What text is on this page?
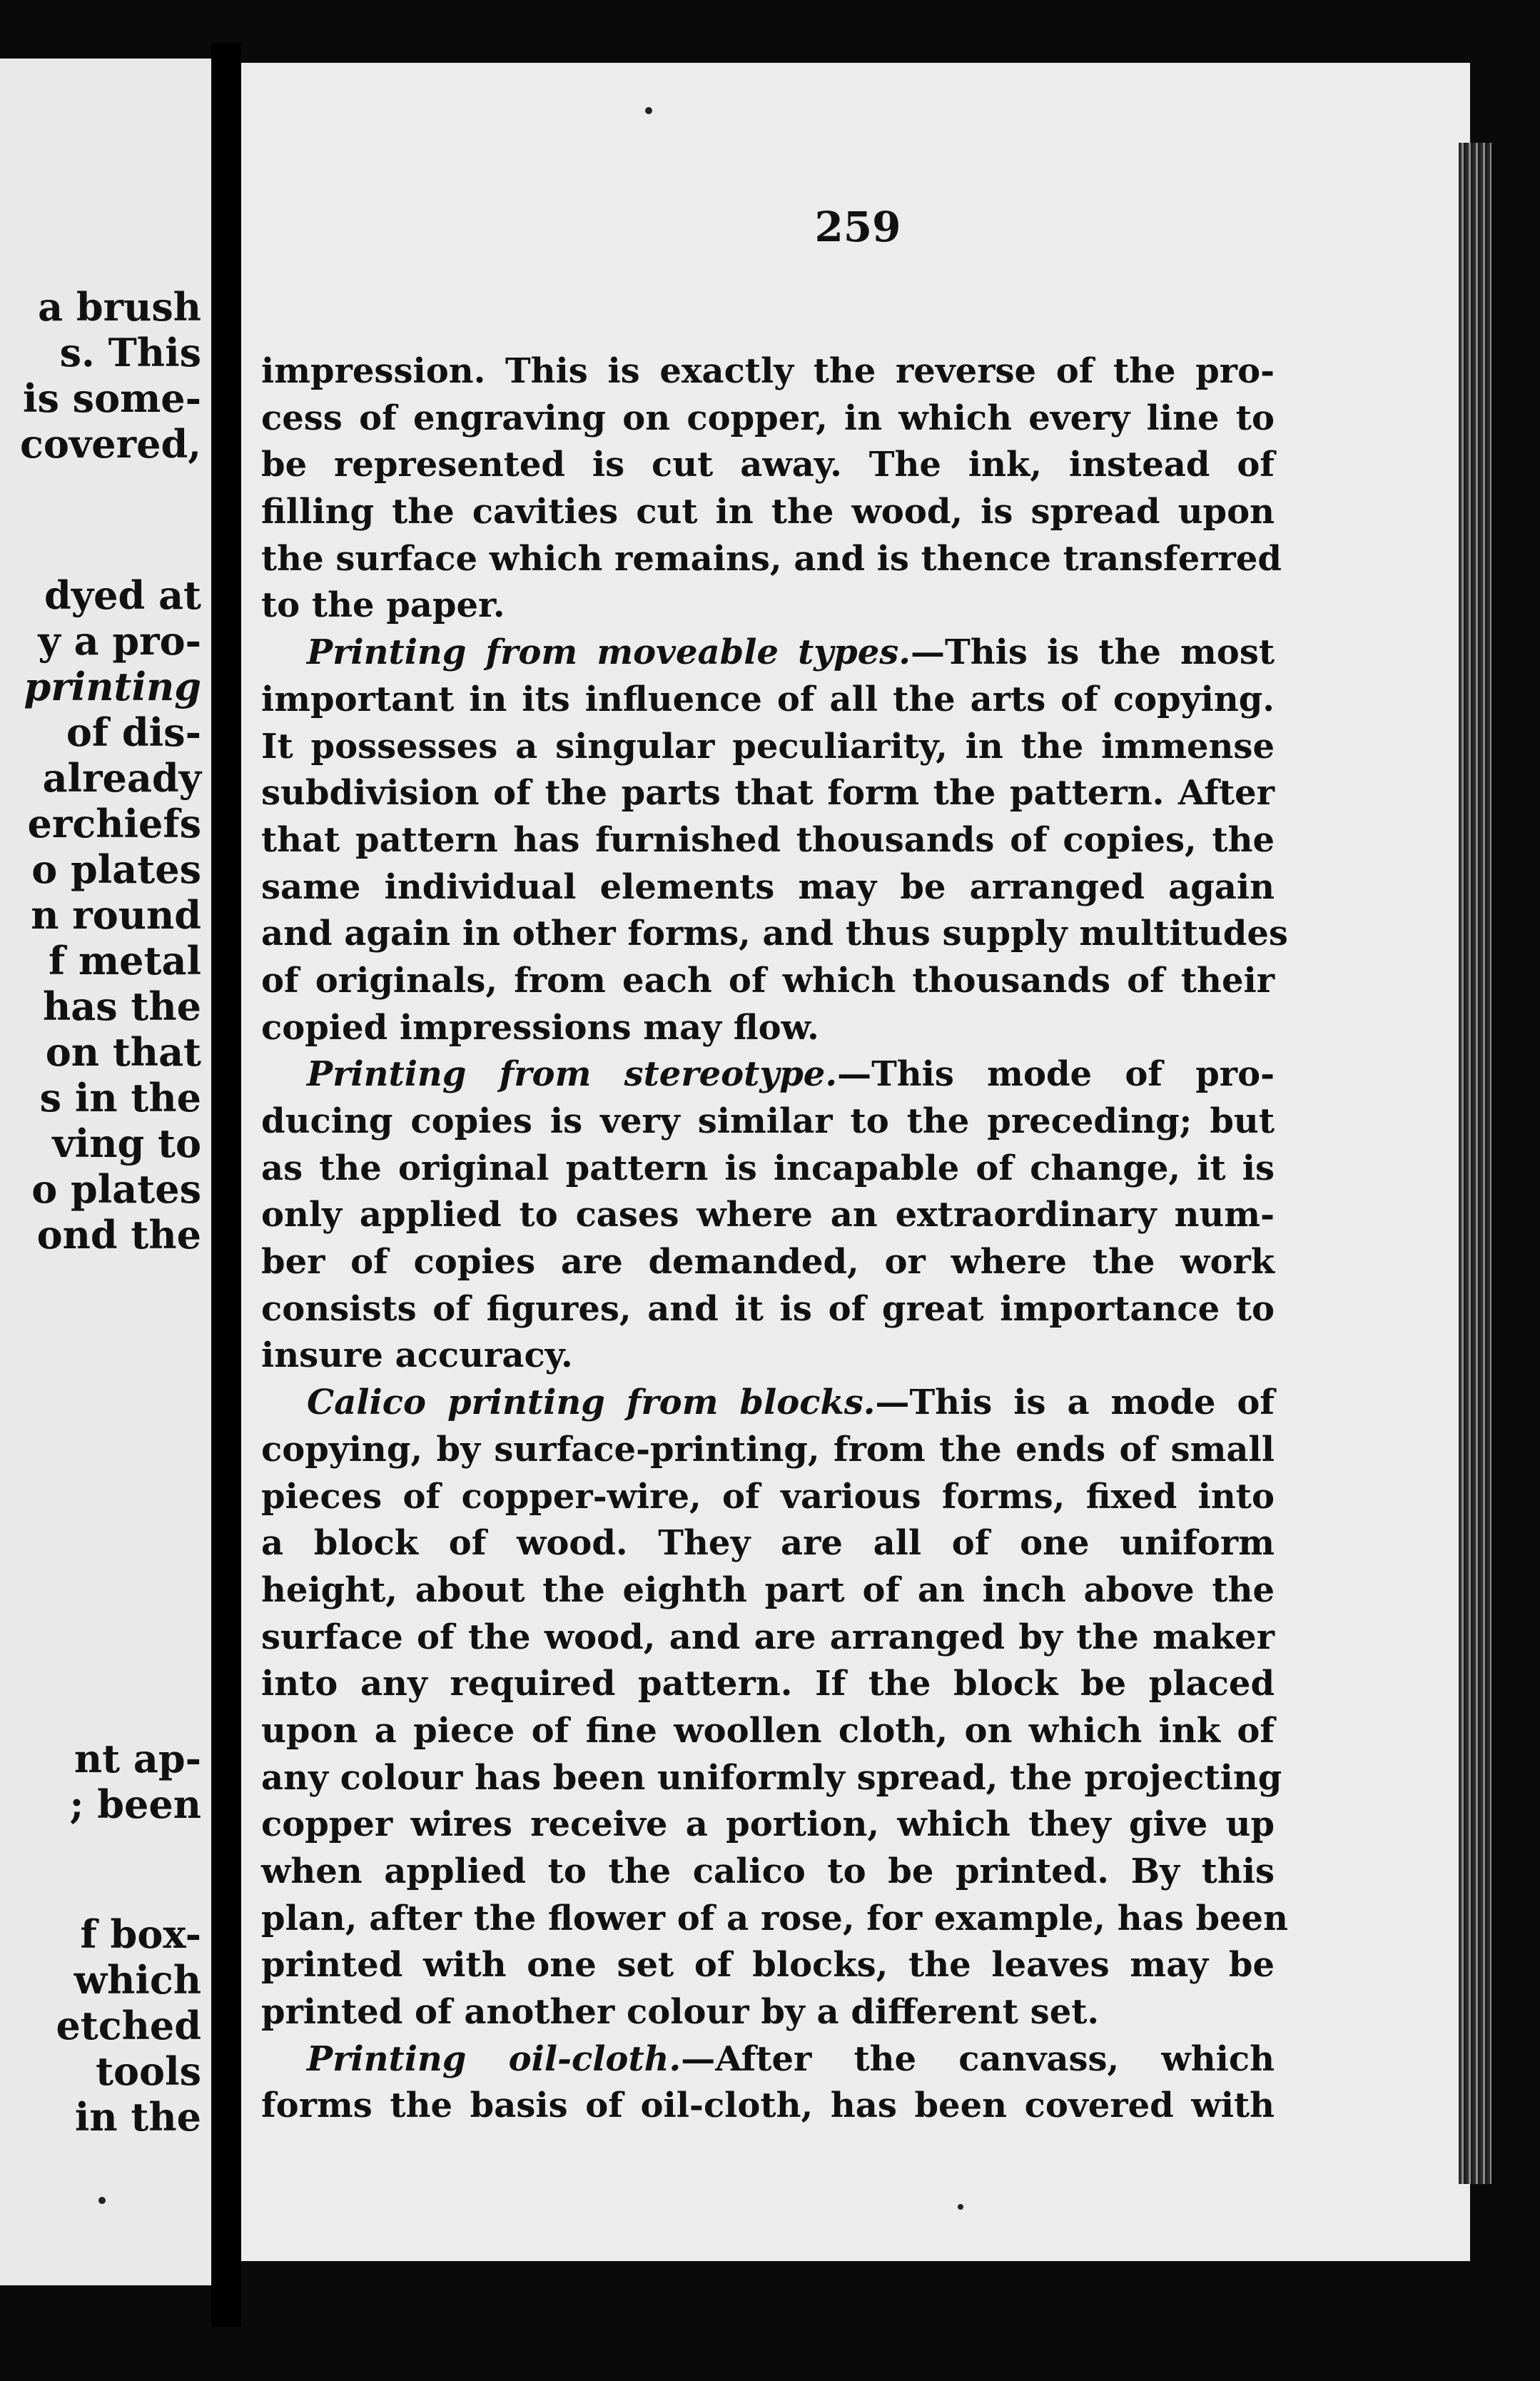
a brush
s. This
is some-
covered,
dyed at
y a pro-
printing
of dis-
already
erchiefs
o plates
n round
f metal
has the
on that
s in the
ving to
o plates
ond the
nt ap-
; been
f box-
which
etched
tools
in the
259
impression. This is exactly the reverse of the pro-
cess of engraving on copper, in which every line to
be represented is cut away. The ink, instead of
filling the cavities cut in the wood, is spread upon
the surface which remains, and is thence transferred
to the paper.
Printing from moveable types.—This is the most
important in its influence of all the arts of copying.
It possesses a singular peculiarity, in the immense
subdivision of the parts that form the pattern. After
that pattern has furnished thousands of copies, the
same individual elements may be arranged again
and again in other forms, and thus supply multitudes
of originals, from each of which thousands of their
copied impressions may flow.
Printing from stereotype.—This mode of pro-
ducing copies is very similar to the preceding; but
as the original pattern is incapable of change, it is
only applied to cases where an extraordinary num-
ber of copies are demanded, or where the work
consists of figures, and it is of great importance to
insure accuracy.
Calico printing from blocks.—This is a mode of
copying, by surface-printing, from the ends of small
pieces of copper-wire, of various forms, fixed into
a block of wood. They are all of one uniform
height, about the eighth part of an inch above the
surface of the wood, and are arranged by the maker
into any required pattern. If the block be placed
upon a piece of fine woollen cloth, on which ink of
any colour has been uniformly spread, the projecting
copper wires receive a portion, which they give up
when applied to the calico to be printed. By this
plan, after the flower of a rose, for example, has been
printed with one set of blocks, the leaves may be
printed of another colour by a different set.
Printing oil-cloth.—After the canvass, which
forms the basis of oil-cloth, has been covered with
